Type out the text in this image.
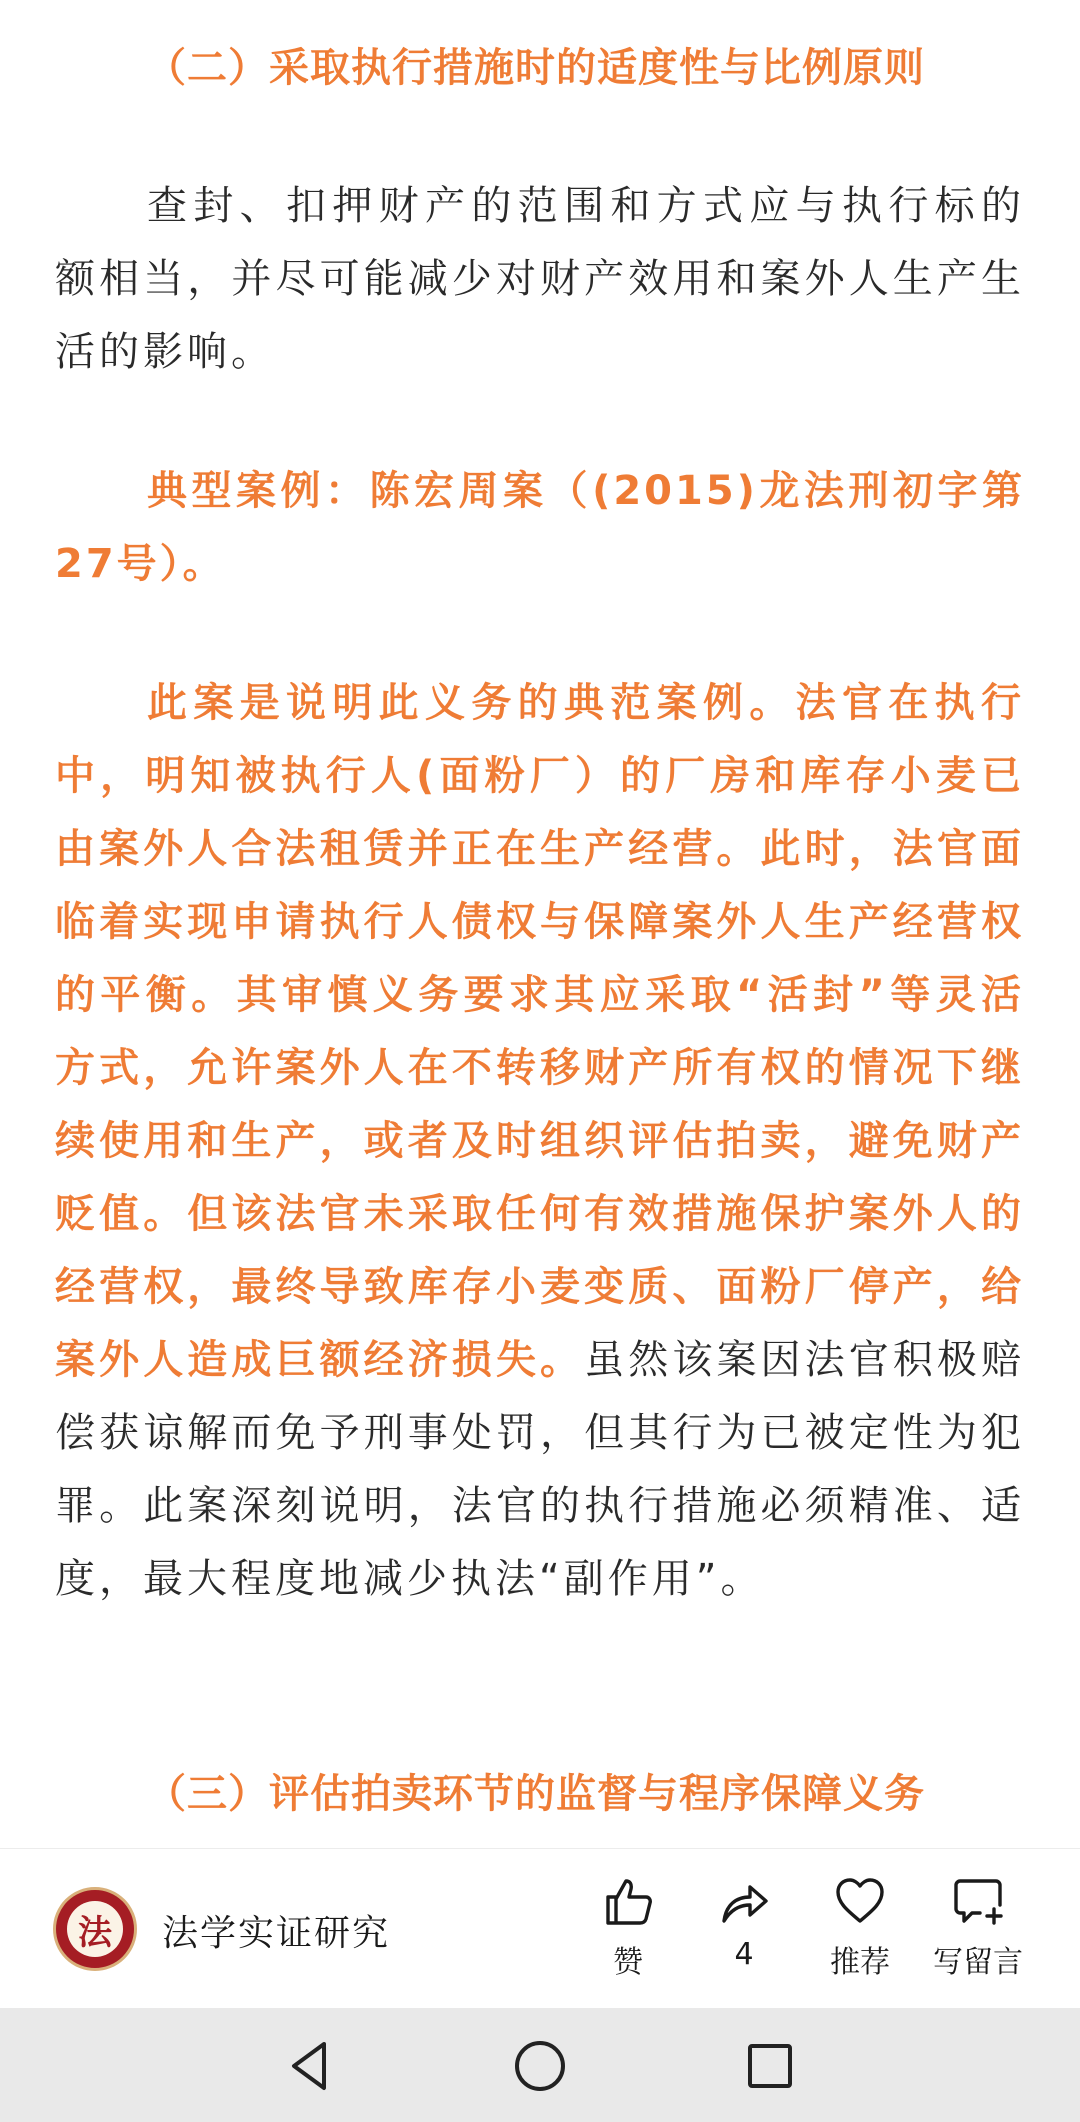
（二）采取执行措施时的适度性与比例原则

查封、扣押财产的范围和方式应与执行标的额相当，并尽可能减少对财产效用和案外人生产生活的影响。

典型案例：陈宏周案（(2015)龙法刑初字第27号）。

此案是说明此义务的典范案例。法官在执行中，明知被执行人(面粉厂）的厂房和库存小麦已由案外人合法租赁并正在生产经营。此时，法官面临着实现申请执行人债权与保障案外人生产经营权的平衡。其审慎义务要求其应采取“活封”等灵活方式，允许案外人在不转移财产所有权的情况下继续使用和生产，或者及时组织评估拍卖，避免财产贬值。但该法官未采取任何有效措施保护案外人的经营权，最终导致库存小麦变质、面粉厂停产，给案外人造成巨额经济损失。虽然该案因法官积极赔偿获谅解而免予刑事处罚，但其行为已被定性为犯罪。此案深刻说明，法官的执行措施必须精准、适度，最大程度地减少执法“副作用”。

（三）评估拍卖环节的监督与程序保障义务
法	法学实证研究
赞	4	推荐	写留言
